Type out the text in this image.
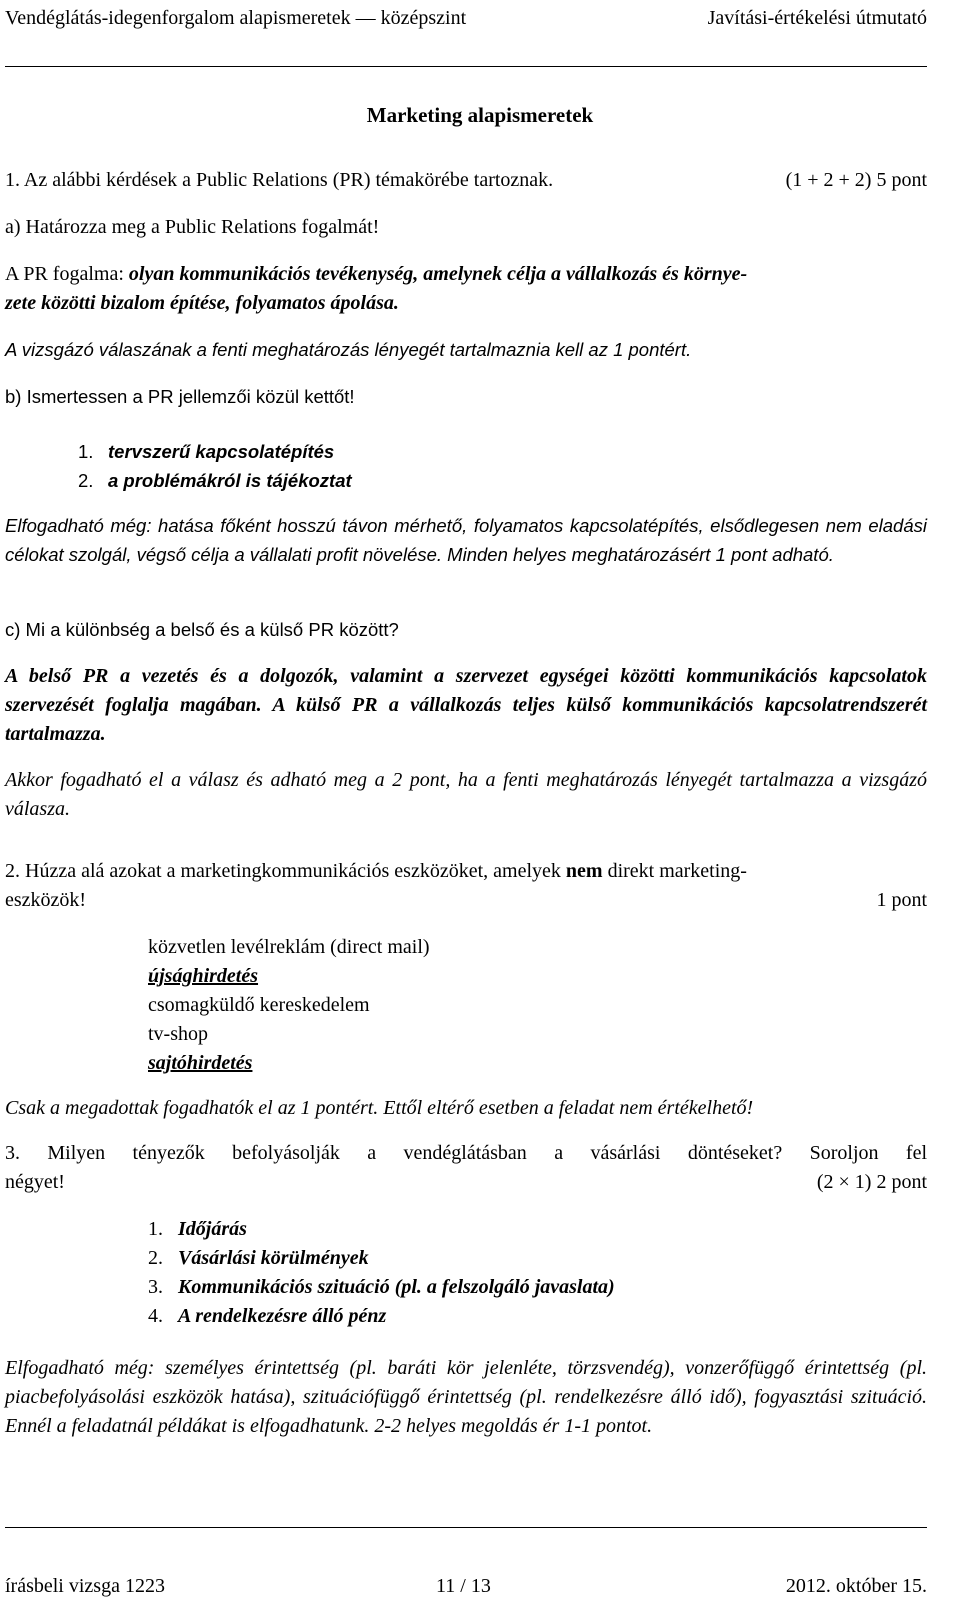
Vendéglátás-idegenforgalom alapismeretek — középszint	Javítási-értékelési útmutató
Marketing alapismeretek
1. Az alábbi kérdések a Public Relations (PR) témakörébe tartoznak.	(1 + 2 + 2) 5 pont
a) Határozza meg a Public Relations fogalmát!
A PR fogalma: olyan kommunikációs tevékenység, amelynek célja a vállalkozás és környe-
zete közötti bizalom építése, folyamatos ápolása.
A vizsgázó válaszának a fenti meghatározás lényegét tartalmaznia kell az 1 pontért.
b) Ismertessen a PR jellemzői közül kettőt!
1. tervszerű kapcsolatépítés
2. a problémákról is tájékoztat
Elfogadható még: hatása főként hosszú távon mérhető, folyamatos kapcsolatépítés, elsődlegesen nem eladási célokat szolgál, végső célja a vállalati profit növelése. Minden helyes meghatározásért 1 pont adható.
c) Mi a különbség a belső és a külső PR között?
A belső PR a vezetés és a dolgozók, valamint a szervezet egységei közötti kommunikációs kapcsolatok szervezését foglalja magában. A külső PR a vállalkozás teljes külső kommunikációs kapcsolatrendszerét tartalmazza.
Akkor fogadható el a válasz és adható meg a 2 pont, ha a fenti meghatározás lényegét tartalmazza a vizsgázó válasza.
2. Húzza alá azokat a marketingkommunikációs eszközöket, amelyek nem direkt marketing-
eszközök!	1 pont
közvetlen levélreklám (direct mail)
újsághirdetés
csomagküldő kereskedelem
tv-shop
sajtóhirdetés
Csak a megadottak fogadhatók el az 1 pontért. Ettől eltérő esetben a feladat nem értékelhető!
3. Milyen tényezők befolyásolják a vendéglátásban a vásárlási döntéseket? Soroljon fel
négyet!	(2 × 1) 2 pont
1. Időjárás
2. Vásárlási körülmények
3. Kommunikációs szituáció (pl. a felszolgáló javaslata)
4. A rendelkezésre álló pénz
Elfogadható még: személyes érintettség (pl. baráti kör jelenléte, törzsvendég), vonzerőfüggő érintettség (pl. piacbefolyásolási eszközök hatása), szituációfüggő érintettség (pl. rendelkezésre álló idő), fogyasztási szituáció. Ennél a feladatnál példákat is elfogadhatunk. 2-2 helyes megoldás ér 1-1 pontot.
írásbeli vizsga 1223	11 / 13	2012. október 15.
